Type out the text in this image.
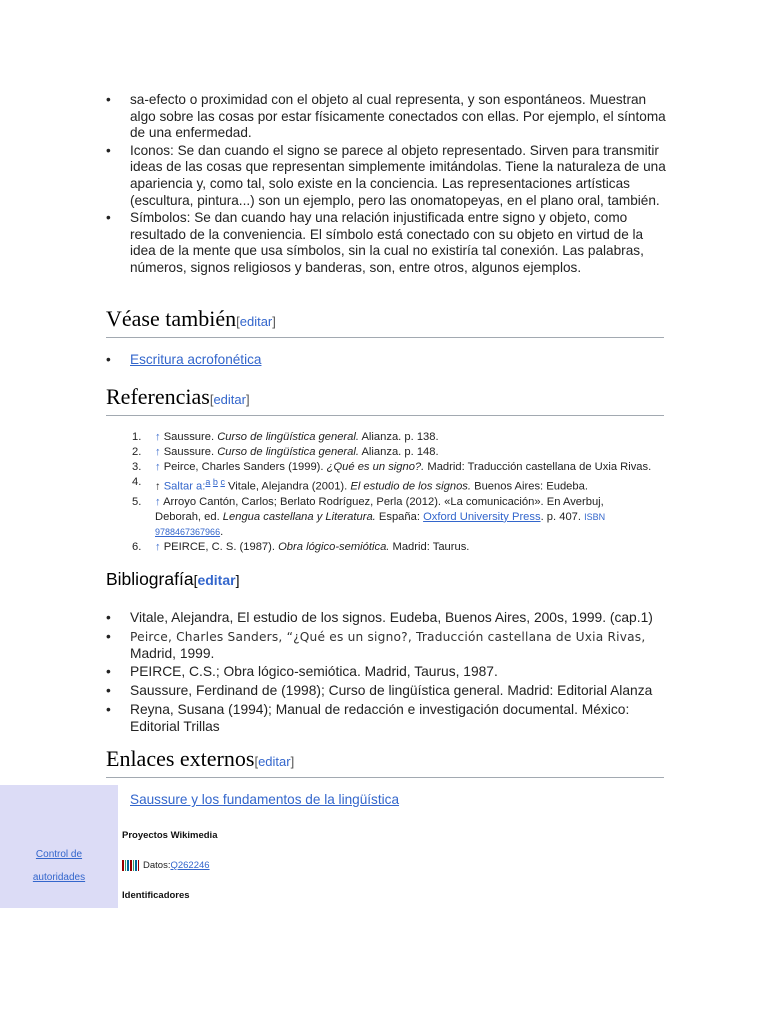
• sa-efecto o proximidad con el objeto al cual representa, y son espontáneos. Muestran algo sobre las cosas por estar físicamente conectados con ellas. Por ejemplo, el síntoma de una enfermedad.
• Iconos: Se dan cuando el signo se parece al objeto representado. Sirven para transmitir ideas de las cosas que representan simplemente imitándolas. Tiene la naturaleza de una apariencia y, como tal, solo existe en la conciencia. Las representaciones artísticas (escultura, pintura...) son un ejemplo, pero las onomatopeyas, en el plano oral, también.
• Símbolos: Se dan cuando hay una relación injustificada entre signo y objeto, como resultado de la conveniencia. El símbolo está conectado con su objeto en virtud de la idea de la mente que usa símbolos, sin la cual no existiría tal conexión. Las palabras, números, signos religiosos y banderas, son, entre otros, algunos ejemplos.
Véase también[editar]
• Escritura acrofonética
Referencias[editar]
1. ↑ Saussure. Curso de lingüística general. Alianza. p. 138.
2. ↑ Saussure. Curso de lingüística general. Alianza. p. 148.
3. ↑ Peirce, Charles Sanders (1999). ¿Qué es un signo?. Madrid: Traducción castellana de Uxia Rivas.
4. ↑ Saltar a:$^{a b c}$ Vitale, Alejandra (2001). El estudio de los signos. Buenos Aires: Eudeba.
5. ↑ Arroyo Cantón, Carlos; Berlato Rodríguez, Perla (2012). «La comunicación». En Averbuj, Deborah, ed. Lengua castellana y Literatura. España: Oxford University Press. p. 407. ISBN 9788467367966.
6. ↑ PEIRCE, C. S. (1987). Obra lógico-semiótica. Madrid: Taurus.
Bibliografía[editar]
• Vitale, Alejandra, El estudio de los signos. Eudeba, Buenos Aires, 200s, 1999. (cap.1)
• Peirce, Charles Sanders, “¿Qué es un signo?, Traducción castellana de Uxia Rivas,
Madrid, 1999.
• PEIRCE, C.S.; Obra lógico-semiótica. Madrid, Taurus, 1987.
• Saussure, Ferdinand de (1998); Curso de lingüística general. Madrid: Editorial Alanza
• Reyna, Susana (1994); Manual de redacción e investigación documental. México: Editorial Trillas
Enlaces externos[editar]
• Saussure y los fundamentos de la lingüística
Control de
autoridades
Proyectos Wikimedia
Datos: Q262246
Identificadores
